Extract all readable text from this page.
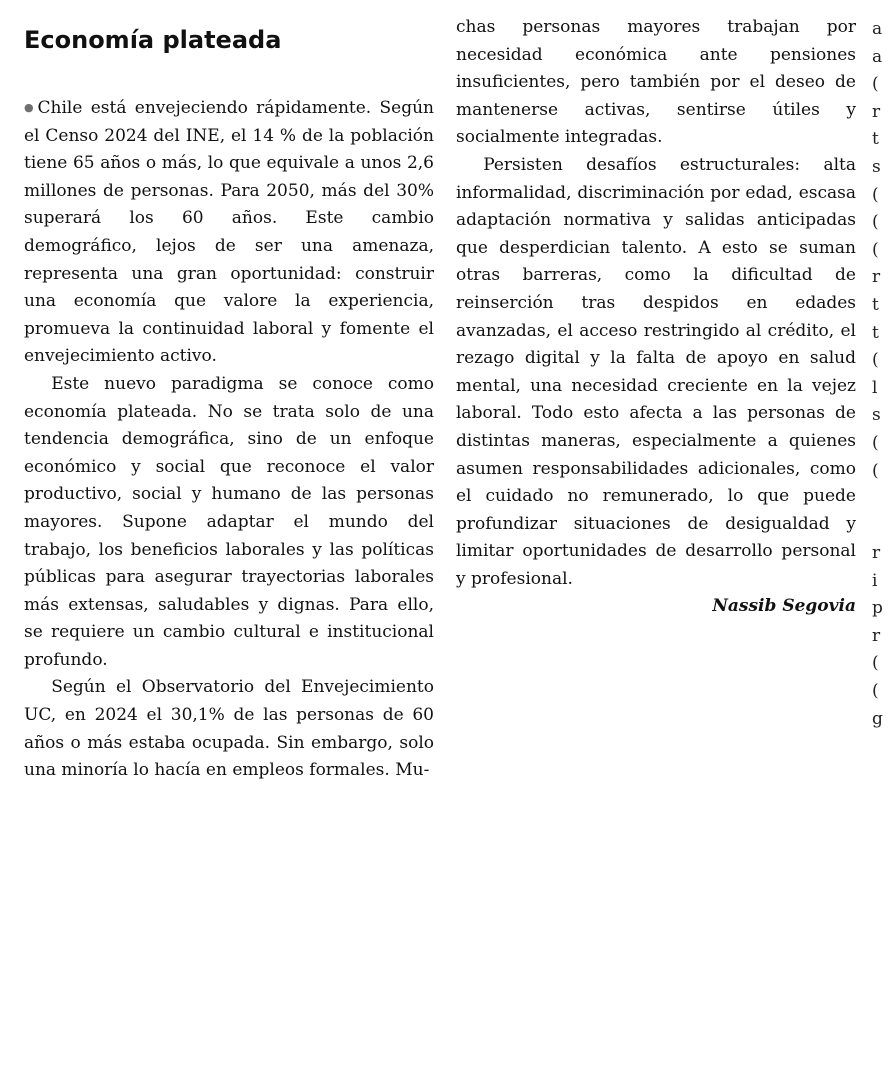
Economía plateada

●Chile está envejeciendo rápidamente. Según el Censo 2024 del INE, el 14 % de la población tiene 65 años o más, lo que equivale a unos 2,6 millones de personas. Para 2050, más del 30% superará los 60 años. Este cambio demográfico, lejos de ser una amenaza, representa una gran oportunidad: construir una economía que valore la experiencia, promueva la continuidad laboral y fomente el envejecimiento activo.

Este nuevo paradigma se conoce como economía plateada. No se trata solo de una tendencia demográfica, sino de un enfoque económico y social que reconoce el valor productivo, social y humano de las personas mayores. Supone adaptar el mundo del trabajo, los beneficios laborales y las políticas públicas para asegurar trayectorias laborales más extensas, saludables y dignas. Para ello, se requiere un cambio cultural e institucional profundo.

Según el Observatorio del Envejecimiento UC, en 2024 el 30,1% de las personas de 60 años o más estaba ocupada. Sin embargo, solo una minoría lo hacía en empleos formales. Mu-

chas personas mayores trabajan por necesidad económica ante pensiones insuficientes, pero también por el deseo de mantenerse activas, sentirse útiles y socialmente integradas.

Persisten desafíos estructurales: alta informalidad, discriminación por edad, escasa adaptación normativa y salidas anticipadas que desperdician talento. A esto se suman otras barreras, como la dificultad de reinserción tras despidos en edades avanzadas, el acceso restringido al crédito, el rezago digital y la falta de apoyo en salud mental, una necesidad creciente en la vejez laboral. Todo esto afecta a las personas de distintas maneras, especialmente a quienes asumen responsabilidades adicionales, como el cuidado no remunerado, lo que puede profundizar situaciones de desigualdad y limitar oportunidades de desarrollo personal y profesional.

Nassib Segovia

a
a
(
r
t
s
(
(
(
r
t
t
(
l
s
(
(
r
i
p
r
(
(
g
